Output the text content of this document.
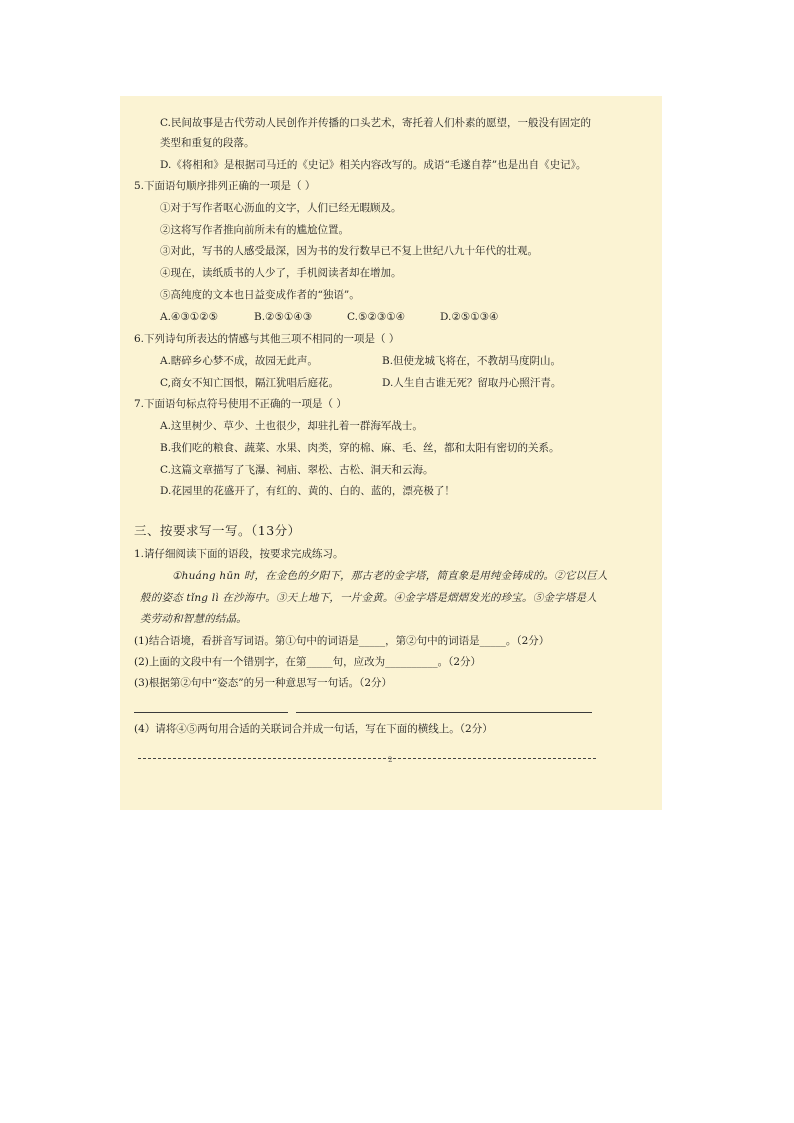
C.民间故事是古代劳动人民创作并传播的口头艺术，寄托着人们朴素的愿望，一般没有固定的
类型和重复的段落。
D.《将相和》是根据司马迁的《史记》相关内容改写的。成语“毛遂自荐”也是出自《史记》。
5.下面语句顺序排列正确的一项是（ ）
①对于写作者呕心沥血的文字，人们已经无暇顾及。
②这将写作者推向前所未有的尴尬位置。
③对此，写书的人感受最深，因为书的发行数早已不复上世纪八九十年代的壮观。
④现在，读纸质书的人少了，手机阅读者却在增加。
⑤高纯度的文本也日益变成作者的“独语”。
A.④③①②⑤	B.②⑤①④③	C.⑤②③①④	D.②⑤①③④
6.下列诗句所表达的情感与其他三项不相同的一项是（ ）
A.瞎碎乡心梦不成，故园无此声。	B.但使龙城飞将在，不教胡马度阴山。
C,商女不知亡国恨，隔江犹唱后庭花。	D.人生自古谁无死？留取丹心照汗青。
7.下面语句标点符号使用不正确的一项是（ ）
A.这里树少、草少、土也很少，却驻扎着一群海军战士。
B.我们吃的粮食、蔬菜、水果、肉类，穿的棉、麻、毛、丝，都和太阳有密切的关系。
C.这篇文章描写了飞瀑、祠庙、翠松、古松、洞天和云海。
D.花园里的花盛开了，有红的、黄的、白的、蓝的，漂亮极了！
三、按要求写一写。（13分）
1.请仔细阅读下面的语段，按要求完成练习。
①huáng hūn 时，在金色的夕阳下，那古老的金字塔，简直象是用纯金铸成的。②它以巨人
般的姿态 tǐng lì 在沙海中。③天上地下，一片金黄。④金字塔是熠熠发光的珍宝。⑤金字塔是人
类劳动和智慧的结晶。
(1)结合语境，看拼音写词语。第①句中的词语是_____，第②句中的词语是_____。（2分）
(2)上面的文段中有一个错别字，在第_____句，应改为__________。（2分）
(3)根据第②句中“姿态”的另一种意思写一句话。（2分）
(4）请将④⑤两句用合适的关联词合并成一句话，写在下面的横线上。（2分）
2
